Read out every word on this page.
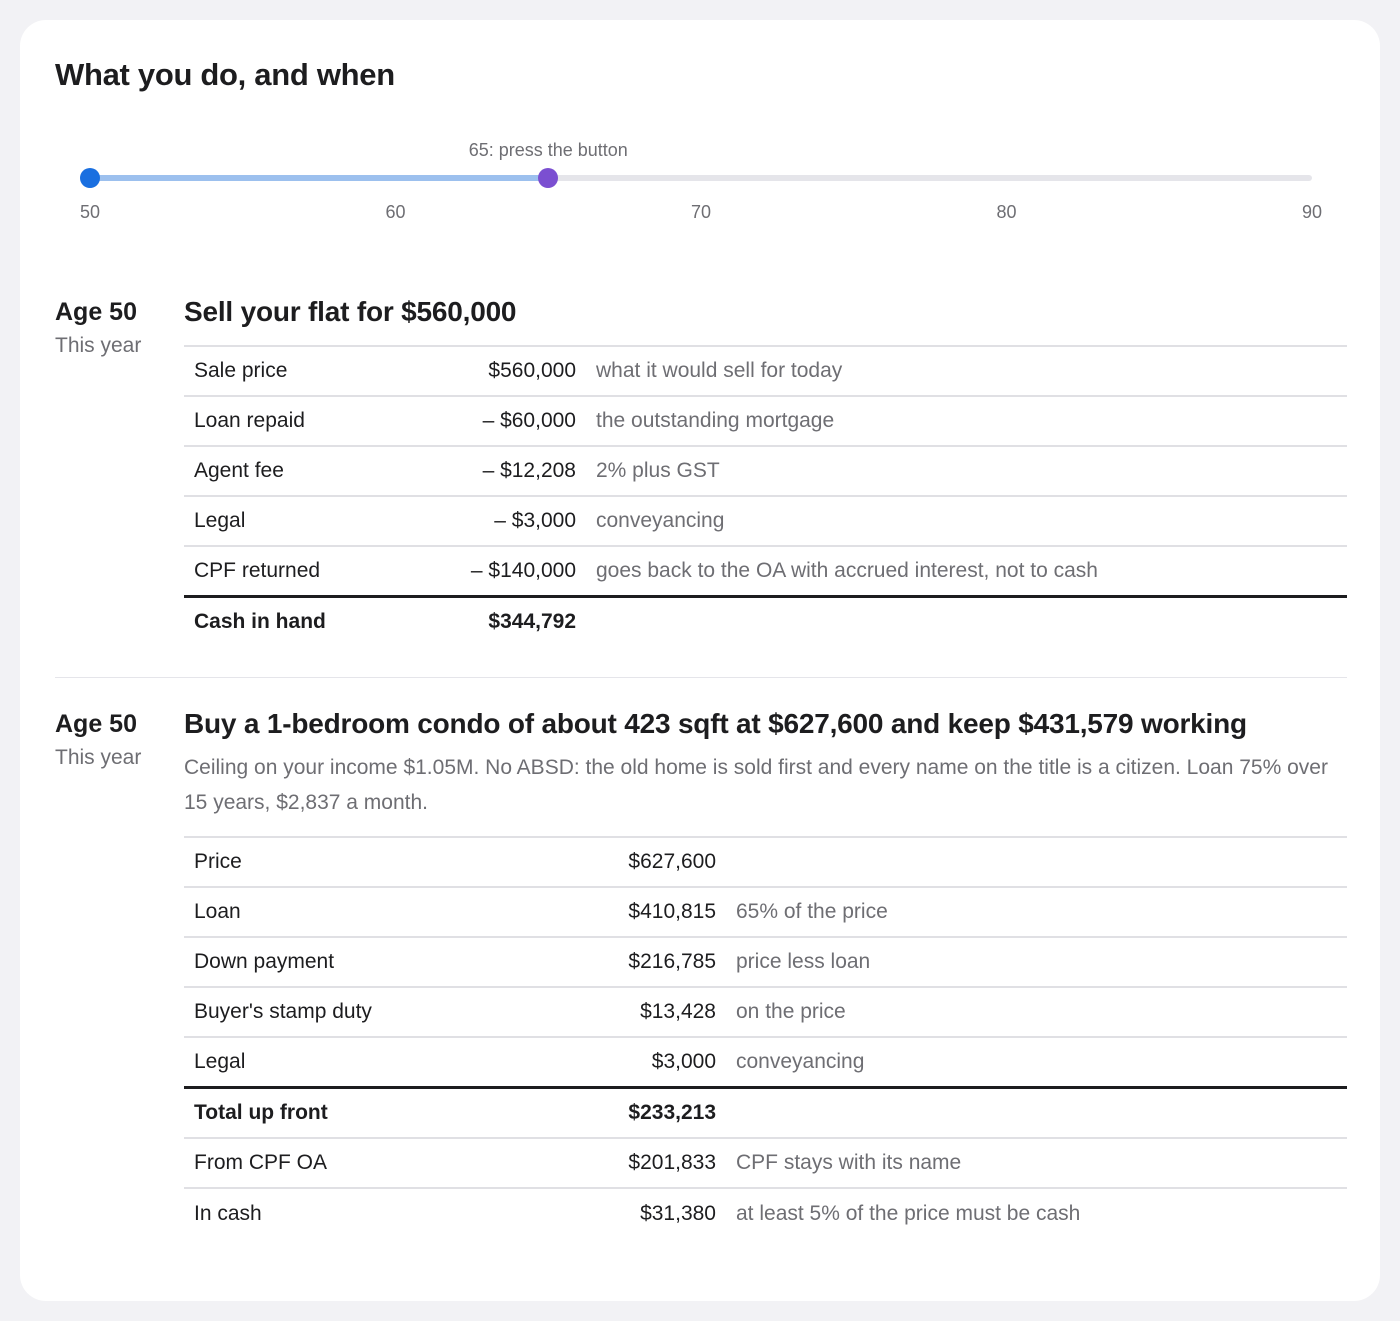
What you do, and when
65: press the button
50	60	70	80	90
Age 50
This year
Sell your flat for $560,000
Sale price	$560,000	what it would sell for today
Loan repaid	– $60,000	the outstanding mortgage
Agent fee	– $12,208	2% plus GST
Legal	– $3,000	conveyancing
CPF returned	– $140,000	goes back to the OA with accrued interest, not to cash
Cash in hand	$344,792	
Age 50
This year
Buy a 1-bedroom condo of about 423 sqft at $627,600 and keep $431,579 working
Ceiling on your income $1.05M. No ABSD: the old home is sold first and every name on the title is a citizen. Loan 75% over 15 years, $2,837 a month.
Price	$627,600	
Loan	$410,815	65% of the price
Down payment	$216,785	price less loan
Buyer's stamp duty	$13,428	on the price
Legal	$3,000	conveyancing
Total up front	$233,213	
From CPF OA	$201,833	CPF stays with its name
In cash	$31,380	at least 5% of the price must be cash
